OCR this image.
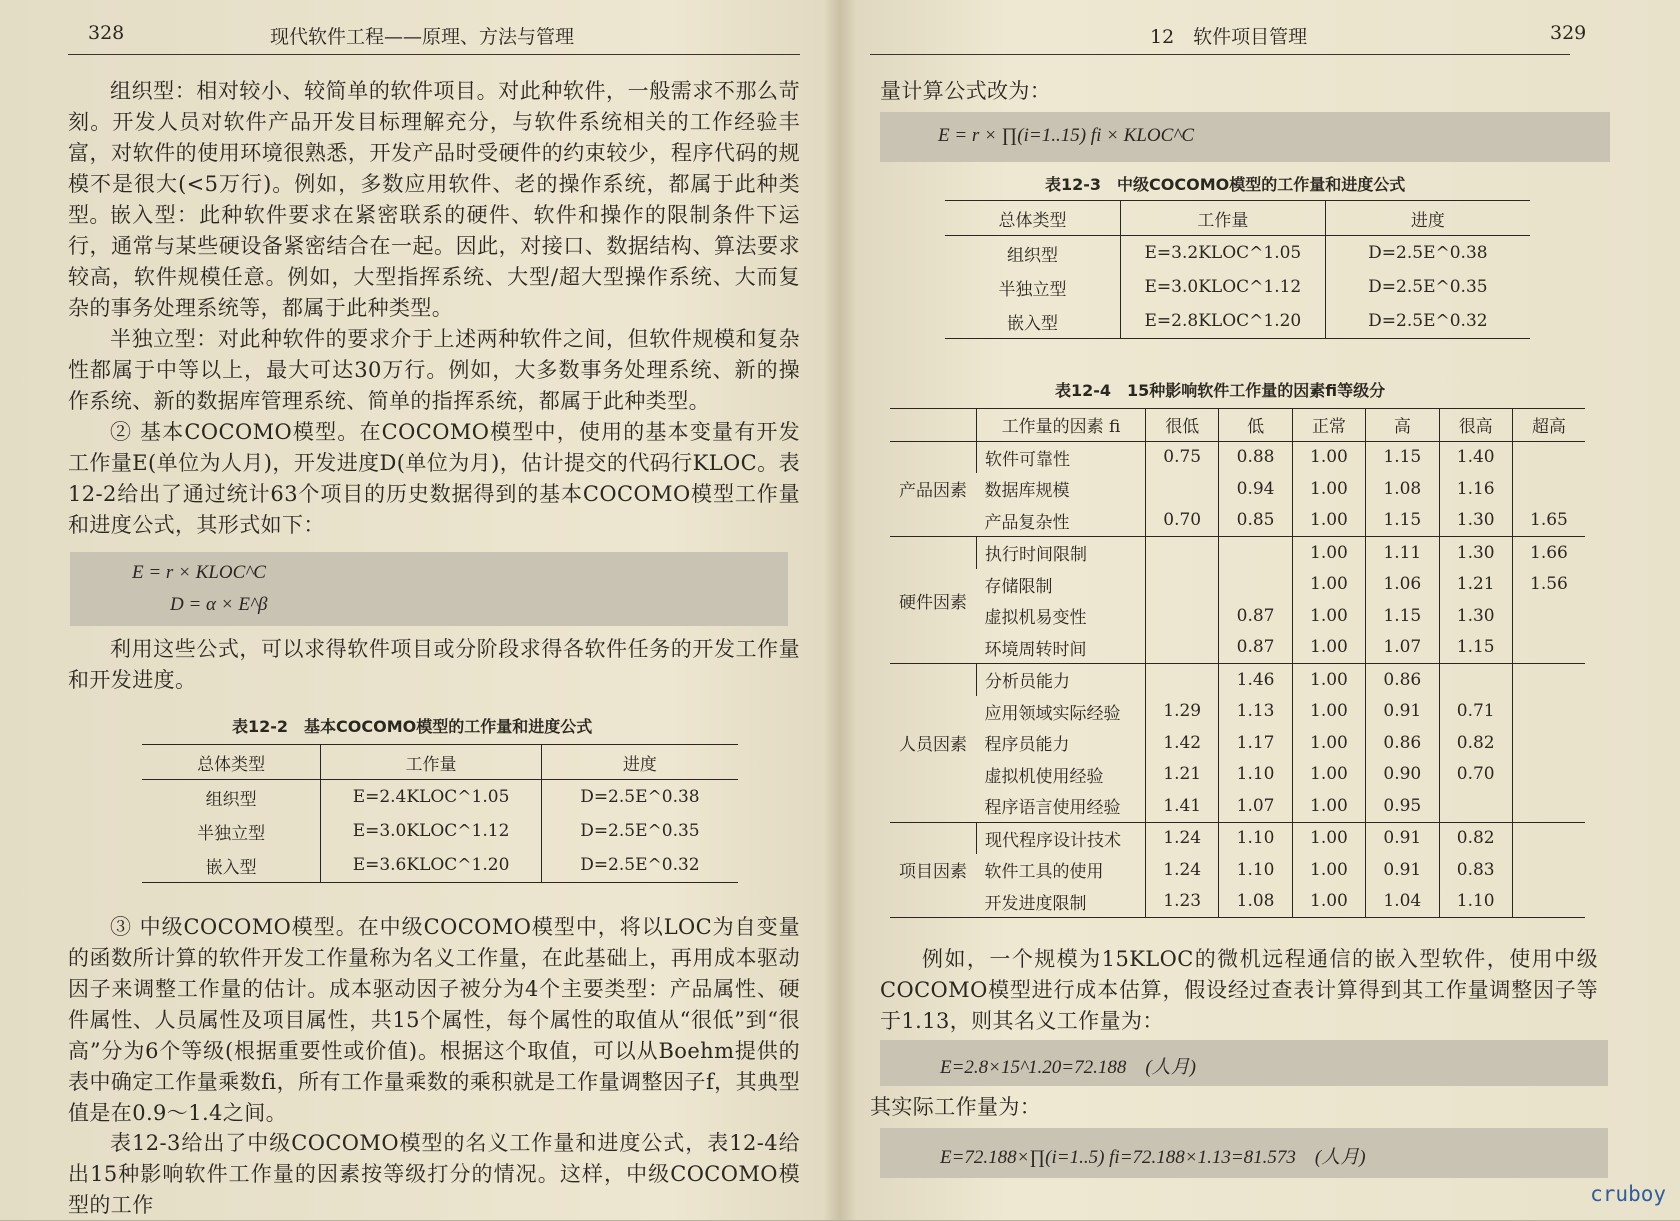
328	现代软件工程——原理、方法与管理

组织型：相对较小、较简单的软件项目。对此种软件，一般需求不那么苛刻。开发人员对软件产品开发目标理解充分，与软件系统相关的工作经验丰富，对软件的使用环境很熟悉，开发产品时受硬件的约束较少，程序代码的规模不是很大(<5万行)。例如，多数应用软件、老的操作系统，都属于此种类型。 嵌入型：此种软件要求在紧密联系的硬件、软件和操作的限制条件下运行，通常与某些硬设备紧密结合在一起。因此，对接口、数据结构、算法要求较高，软件规模任意。例如，大型指挥系统、大型/超大型操作系统、大而复杂的事务处理系统等，都属于此种类型。

半独立型：对此种软件的要求介于上述两种软件之间，但软件规模和复杂性都属于中等以上，最大可达30万行。例如，大多数事务处理系统、新的操作系统、新的数据库管理系统、简单的指挥系统，都属于此种类型。

② 基本COCOMO模型。在COCOMO模型中，使用的基本变量有开发工作量E(单位为人月)，开发进度D(单位为月)，估计提交的代码行KLOC。表12-2给出了通过统计63个项目的历史数据得到的基本COCOMO模型工作量和进度公式，其形式如下：

E = r × KLOC^C
D = α × E^β

利用这些公式，可以求得软件项目或分阶段求得各软件任务的开发工作量和开发进度。

表12-2　基本COCOMO模型的工作量和进度公式
总体类型	工作量	进度
组织型	E=2.4KLOC^1.05	D=2.5E^0.38
半独立型	E=3.0KLOC^1.12	D=2.5E^0.35
嵌入型	E=3.6KLOC^1.20	D=2.5E^0.32

③ 中级COCOMO模型。在中级COCOMO模型中，将以LOC为自变量的函数所计算的软件开发工作量称为名义工作量，在此基础上，再用成本驱动因子来调整工作量的估计。成本驱动因子被分为4个主要类型：产品属性、硬件属性、人员属性及项目属性，共15个属性，每个属性的取值从“很低”到“很高”分为6个等级(根据重要性或价值)。根据这个取值，可以从Boehm提供的表中确定工作量乘数fi，所有工作量乘数的乘积就是工作量调整因子f，其典型值是在0.9～1.4之间。

表12-3给出了中级COCOMO模型的名义工作量和进度公式，表12-4给出15种影响软件工作量的因素按等级打分的情况。这样，中级COCOMO模型的工作

12　软件项目管理	329

量计算公式改为：

E = r × ∏(i=1..15) fi × KLOC^C
表12-3　中级COCOMO模型的工作量和进度公式
总体类型	工作量	进度
组织型	E=3.2KLOC^1.05	D=2.5E^0.38
半独立型	E=3.0KLOC^1.12	D=2.5E^0.35
嵌入型	E=2.8KLOC^1.20	D=2.5E^0.32
表12-4　15种影响软件工作量的因素fi等级分
	工作量的因素 fi	很低	低	正常	高	很高	超高
产品因素	软件可靠性	0.75	0.88	1.00	1.15	1.40	
	数据库规模		0.94	1.00	1.08	1.16	
	产品复杂性	0.70	0.85	1.00	1.15	1.30	1.65
硬件因素	执行时间限制			1.00	1.11	1.30	1.66
	存储限制			1.00	1.06	1.21	1.56
	虚拟机易变性		0.87	1.00	1.15	1.30	
	环境周转时间		0.87	1.00	1.07	1.15	
人员因素	分析员能力		1.46	1.00	0.86		
	应用领域实际经验	1.29	1.13	1.00	0.91	0.71	
	程序员能力	1.42	1.17	1.00	0.86	0.82	
	虚拟机使用经验	1.21	1.10	1.00	0.90	0.70	
	程序语言使用经验	1.41	1.07	1.00	0.95		
项目因素	现代程序设计技术	1.24	1.10	1.00	0.91	0.82	
	软件工具的使用	1.24	1.10	1.00	0.91	0.83	
	开发进度限制	1.23	1.08	1.00	1.04	1.10	

例如，一个规模为15KLOC的微机远程通信的嵌入型软件，使用中级COCOMO模型进行成本估算，假设经过查表计算得到其工作量调整因子等于1.13，则其名义工作量为：

E=2.8×15^1.20=72.188　(人月)

其实际工作量为：

E=72.188×∏(i=1..5) fi=72.188×1.13=81.573　(人月)
cruboy
